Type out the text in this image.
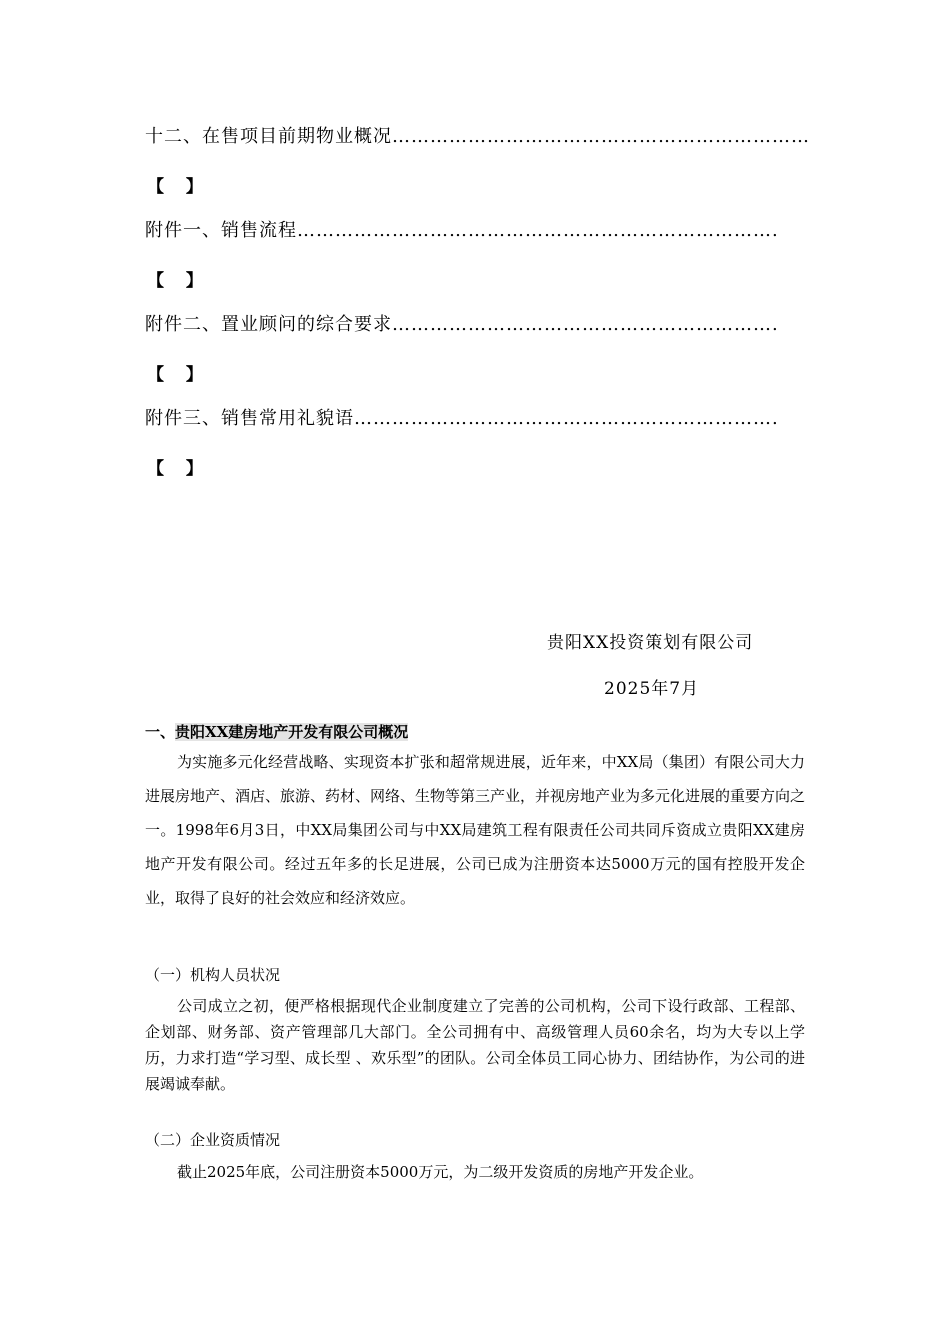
十二、在售项目前期物业概况…………………………………………………………
【 】
附件一、销售流程………………………………………………………………….
【 】
附件二、置业顾问的综合要求…………………………………………………….
【 】
附件三、销售常用礼貌语………………………………………………………….
【 】
贵阳XX投资策划有限公司
2025年7月
一、贵阳XX建房地产开发有限公司概况
为实施多元化经营战略、实现资本扩张和超常规进展，近年来，中XX局（集团）有限公司大力进展房地产、酒店、旅游、药材、网络、生物等第三产业，并视房地产业为多元化进展的重要方向之一。1998年6月3日，中XX局集团公司与中XX局建筑工程有限责任公司共同斥资成立贵阳XX建房地产开发有限公司。经过五年多的长足进展，公司已成为注册资本达5000万元的国有控股开发企业，取得了良好的社会效应和经济效应。
（一）机构人员状况
公司成立之初，便严格根据现代企业制度建立了完善的公司机构，公司下设行政部、工程部、企划部、财务部、资产管理部几大部门。全公司拥有中、高级管理人员60余名，均为大专以上学历，力求打造“学习型、成长型 、欢乐型”的团队。公司全体员工同心协力、团结协作，为公司的进展竭诚奉献。
（二）企业资质情况
截止2025年底，公司注册资本5000万元，为二级开发资质的房地产开发企业。
